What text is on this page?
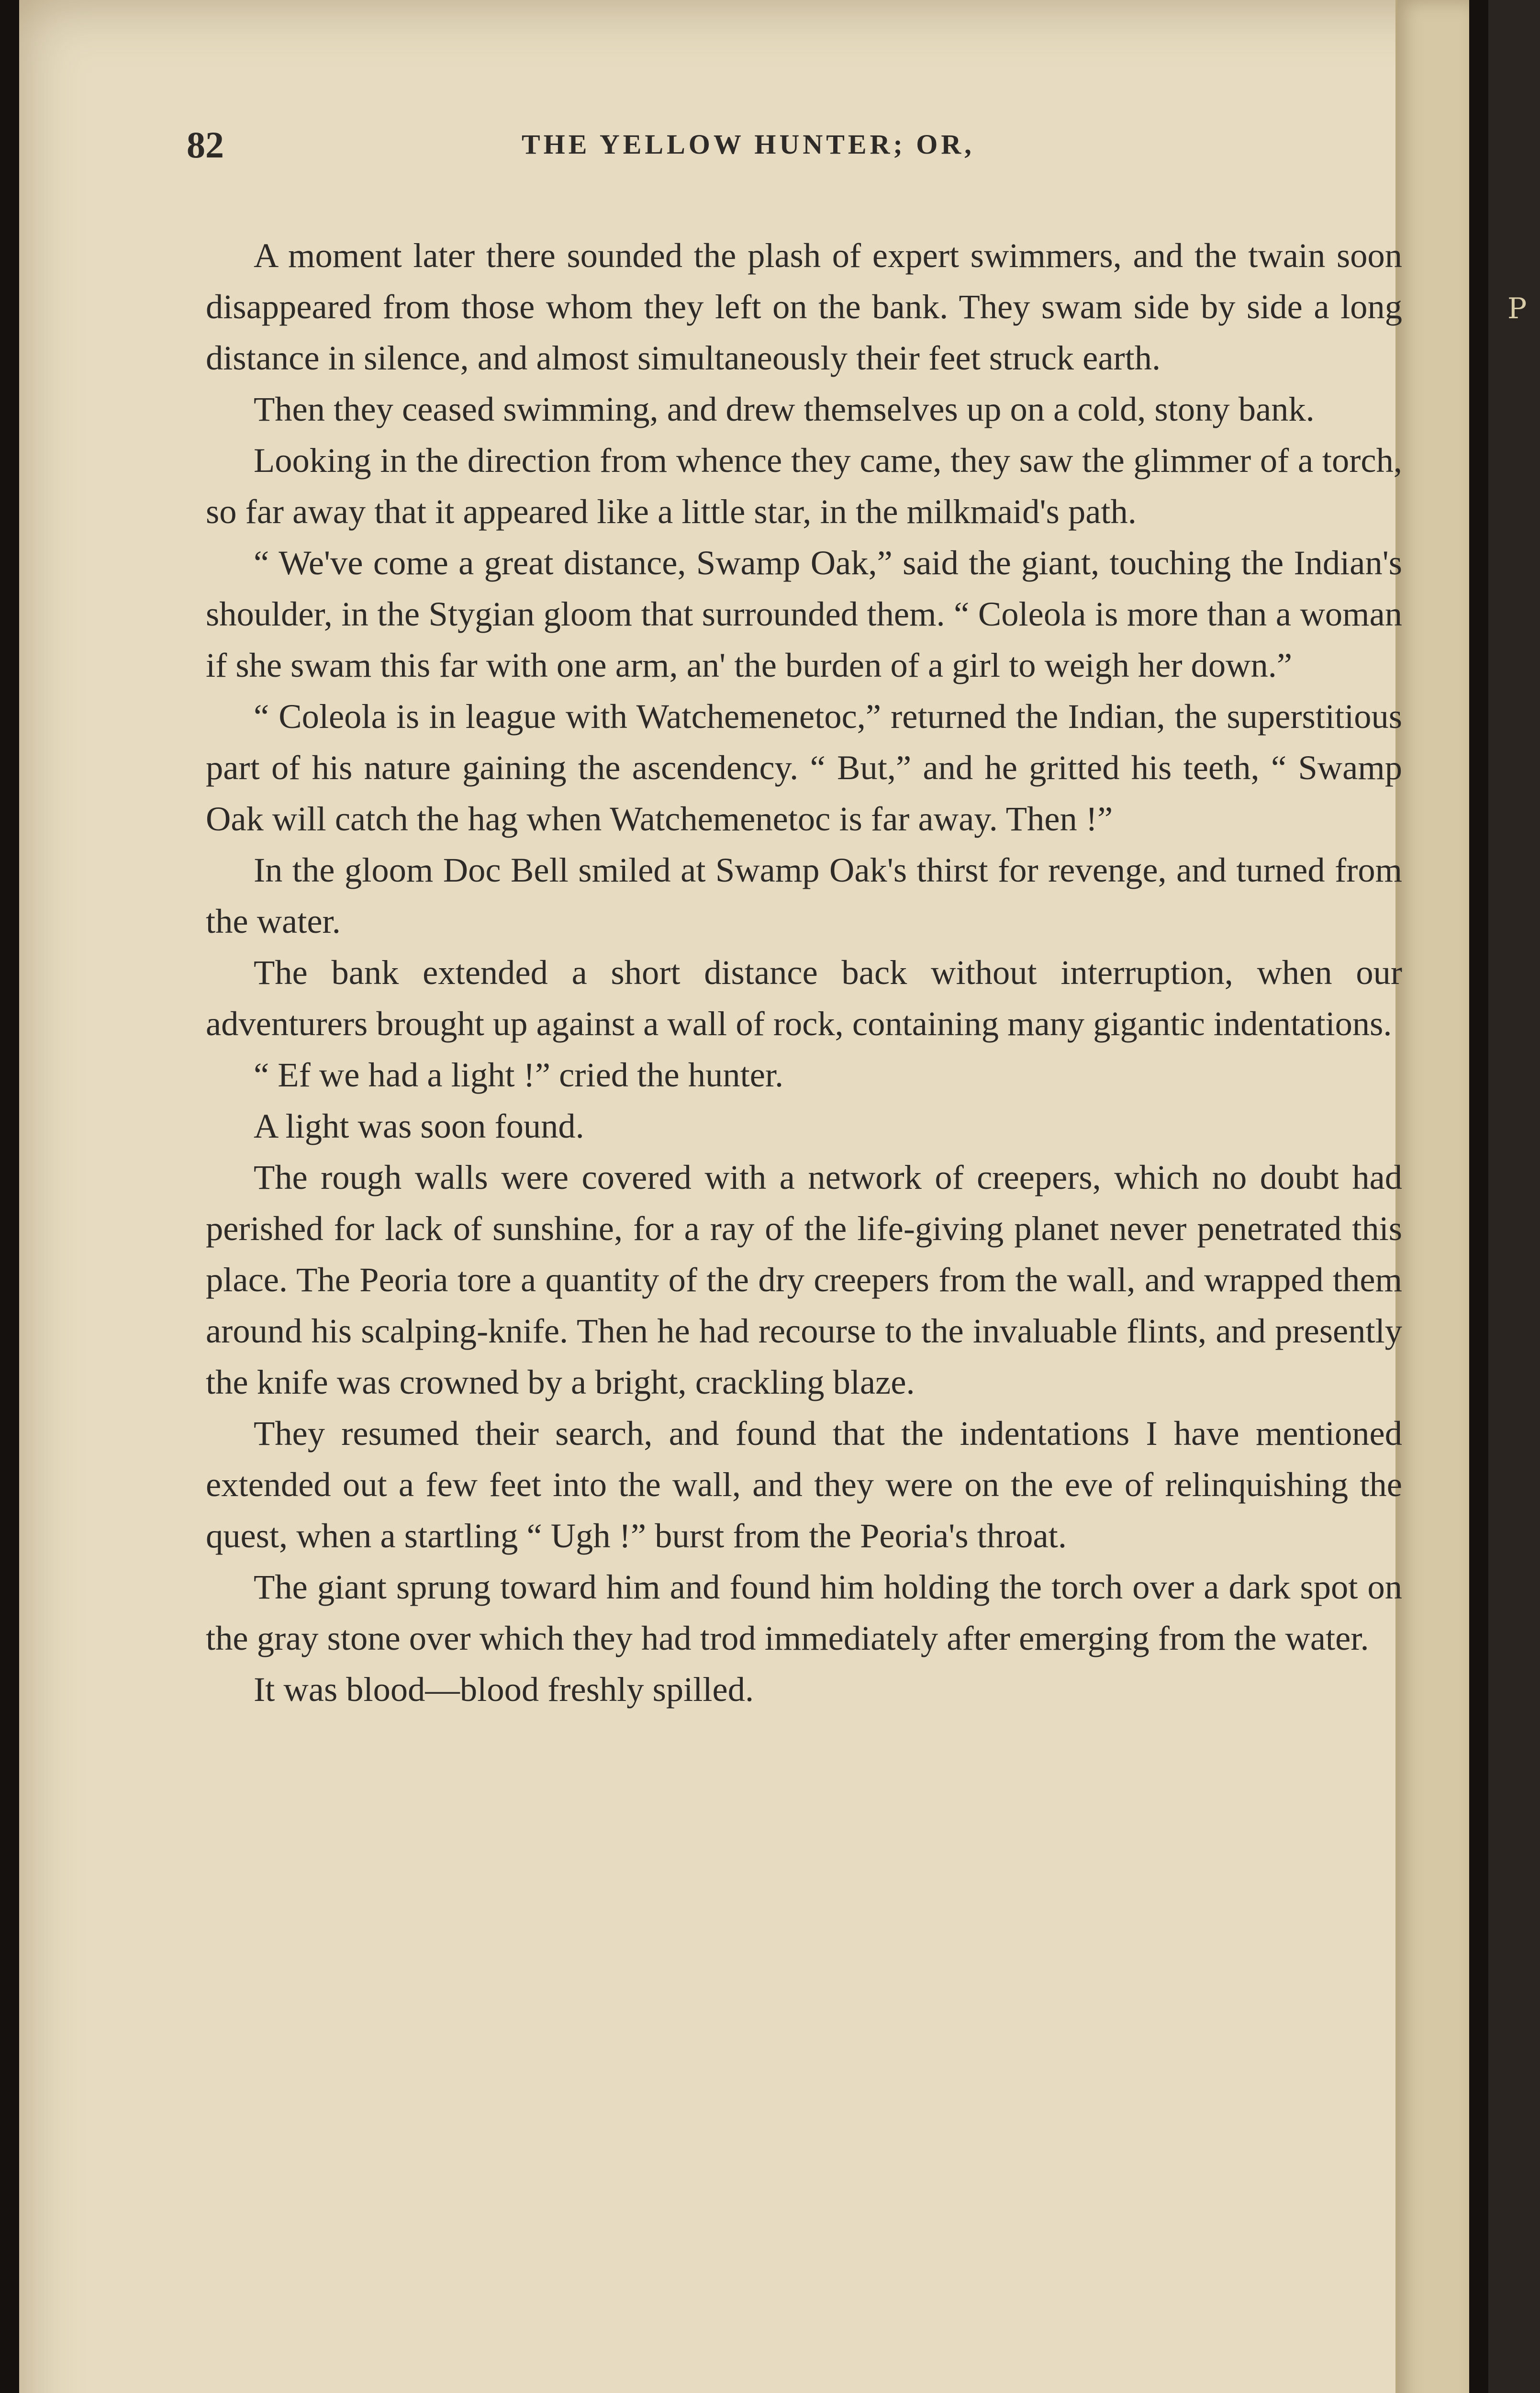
P
82	THE YELLOW HUNTER; OR,

A moment later there sounded the plash of expert swimmers, and the twain soon disappeared from those whom they left on the bank. They swam side by side a long distance in silence, and almost simultaneously their feet struck earth.

Then they ceased swimming, and drew themselves up on a cold, stony bank.

Looking in the direction from whence they came, they saw the glimmer of a torch, so far away that it appeared like a little star, in the milkmaid's path.

“ We've come a great distance, Swamp Oak,” said the giant, touching the Indian's shoulder, in the Stygian gloom that surrounded them. “ Coleola is more than a woman if she swam this far with one arm, an' the burden of a girl to weigh her down.”

“ Coleola is in league with Watchemenetoc,” returned the Indian, the superstitious part of his nature gaining the ascendency. “ But,” and he gritted his teeth, “ Swamp Oak will catch the hag when Watchemenetoc is far away. Then !”

In the gloom Doc Bell smiled at Swamp Oak's thirst for revenge, and turned from the water.

The bank extended a short distance back without interruption, when our adventurers brought up against a wall of rock, containing many gigantic indentations.

“ Ef we had a light !” cried the hunter.

A light was soon found.

The rough walls were covered with a network of creepers, which no doubt had perished for lack of sunshine, for a ray of the life-giving planet never penetrated this place. The Peoria tore a quantity of the dry creepers from the wall, and wrapped them around his scalping-knife. Then he had recourse to the invaluable flints, and presently the knife was crowned by a bright, crackling blaze.

They resumed their search, and found that the indentations I have mentioned extended out a few feet into the wall, and they were on the eve of relinquishing the quest, when a startling “ Ugh !” burst from the Peoria's throat.

The giant sprung toward him and found him holding the torch over a dark spot on the gray stone over which they had trod immediately after emerging from the water.

It was blood—blood freshly spilled.
